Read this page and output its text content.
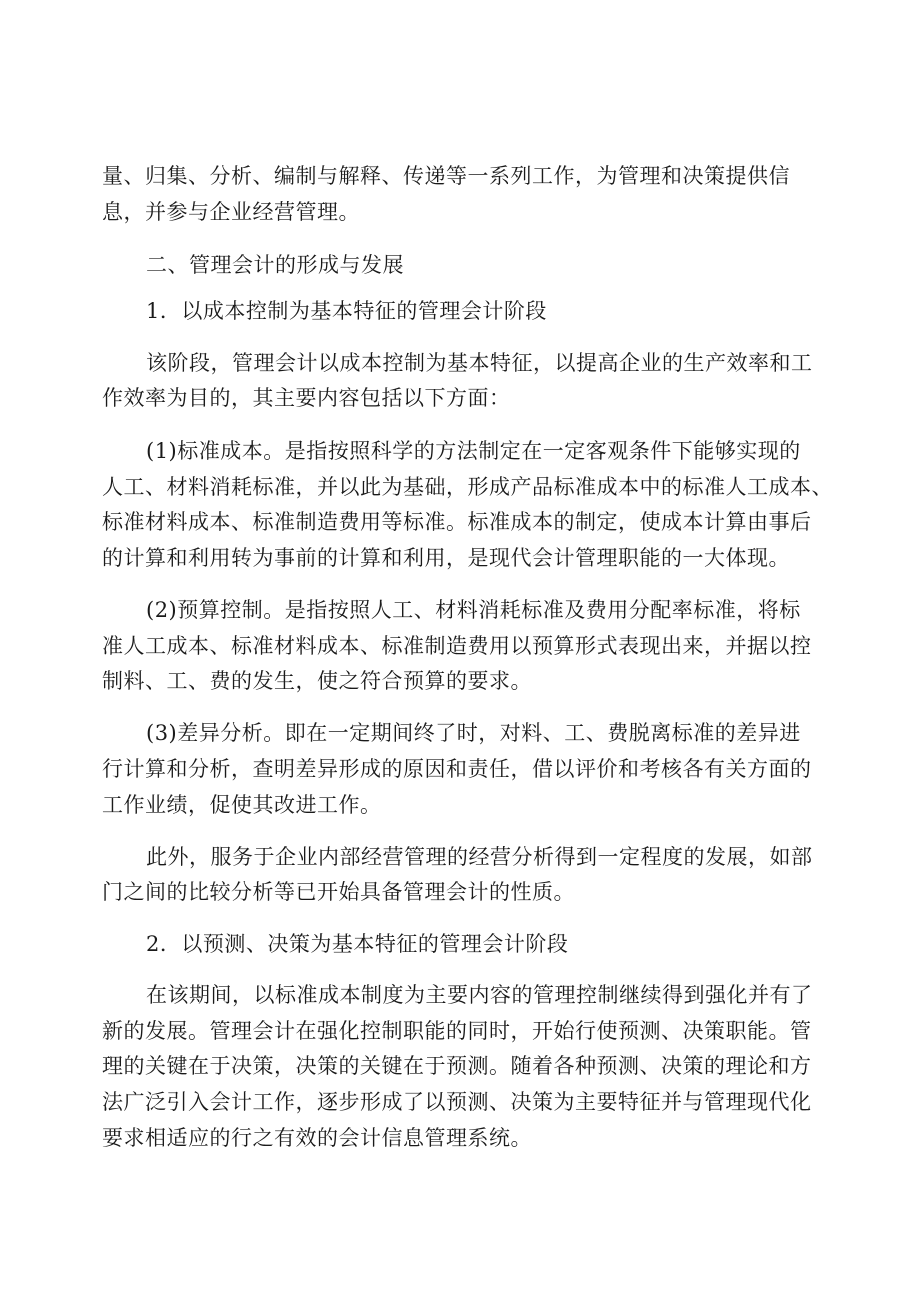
量、归集、分析、编制与解释、传递等一系列工作，为管理和决策提供信
息，并参与企业经营管理。
二、管理会计的形成与发展
1．以成本控制为基本特征的管理会计阶段
该阶段，管理会计以成本控制为基本特征，以提高企业的生产效率和工
作效率为目的，其主要内容包括以下方面：
(1)标准成本。是指按照科学的方法制定在一定客观条件下能够实现的
人工、材料消耗标准，并以此为基础，形成产品标准成本中的标准人工成本、
标准材料成本、标准制造费用等标准。标准成本的制定，使成本计算由事后
的计算和利用转为事前的计算和利用，是现代会计管理职能的一大体现。
(2)预算控制。是指按照人工、材料消耗标准及费用分配率标准，将标
准人工成本、标准材料成本、标准制造费用以预算形式表现出来，并据以控
制料、工、费的发生，使之符合预算的要求。
(3)差异分析。即在一定期间终了时，对料、工、费脱离标准的差异进
行计算和分析，查明差异形成的原因和责任，借以评价和考核各有关方面的
工作业绩，促使其改进工作。
此外，服务于企业内部经营管理的经营分析得到一定程度的发展，如部
门之间的比较分析等已开始具备管理会计的性质。
2．以预测、决策为基本特征的管理会计阶段
在该期间，以标准成本制度为主要内容的管理控制继续得到强化并有了
新的发展。管理会计在强化控制职能的同时，开始行使预测、决策职能。管
理的关键在于决策，决策的关键在于预测。随着各种预测、决策的理论和方
法广泛引入会计工作，逐步形成了以预测、决策为主要特征并与管理现代化
要求相适应的行之有效的会计信息管理系统。
